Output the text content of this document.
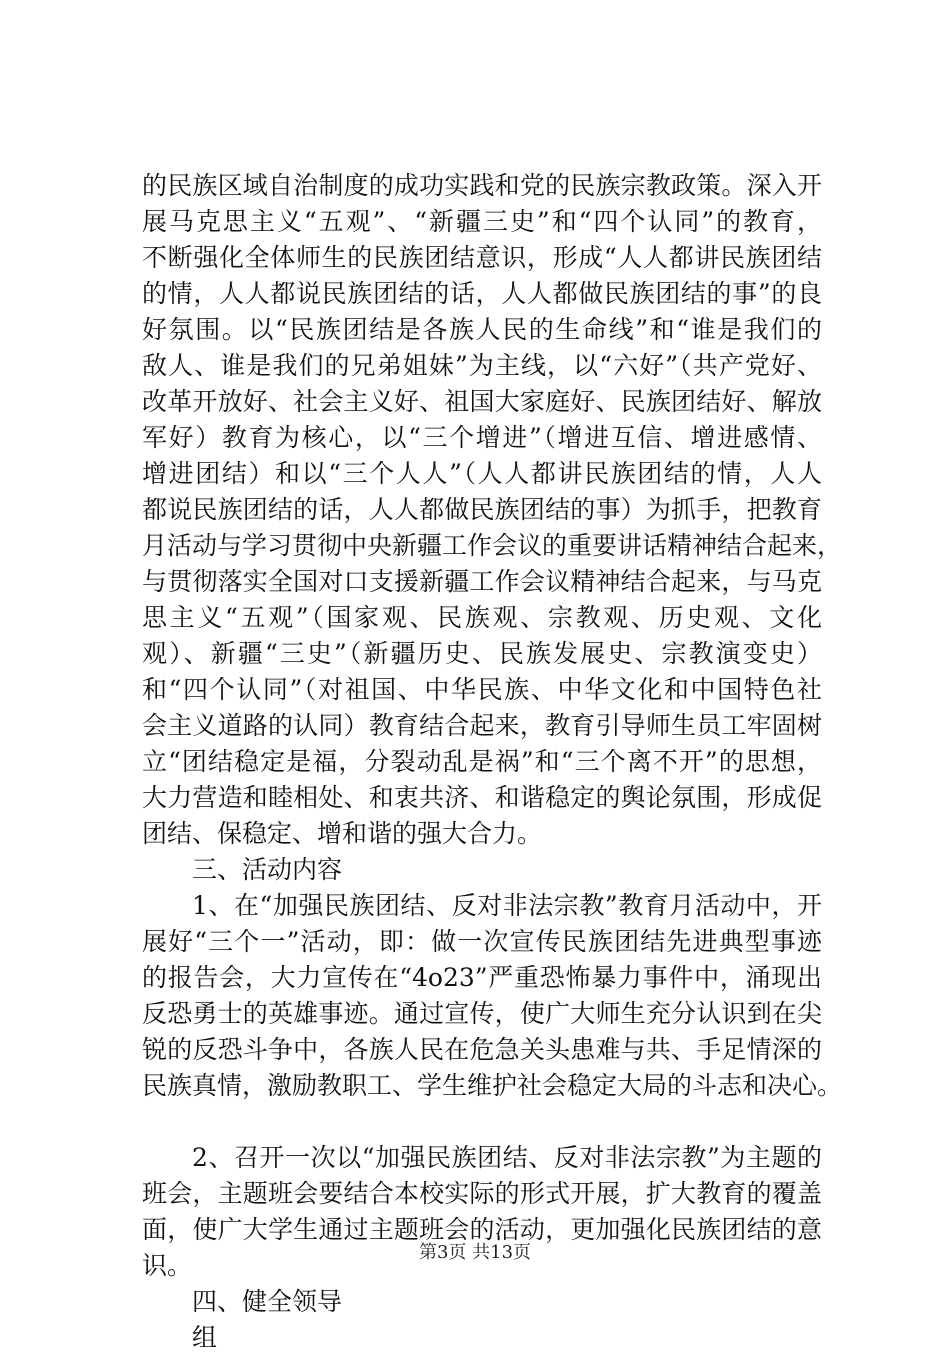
的民族区域自治制度的成功实践和党的民族宗教政策。深入开
展马克思主义“五观”、“新疆三史”和“四个认同”的教育，
不断强化全体师生的民族团结意识，形成“人人都讲民族团结
的情，人人都说民族团结的话，人人都做民族团结的事”的良
好氛围。以“民族团结是各族人民的生命线”和“谁是我们的
敌人、谁是我们的兄弟姐妹”为主线，以“六好”（共产党好、
改革开放好、社会主义好、祖国大家庭好、民族团结好、解放
军好）教育为核心，以“三个增进”（增进互信、增进感情、
增进团结）和以“三个人人”（人人都讲民族团结的情，人人
都说民族团结的话，人人都做民族团结的事）为抓手，把教育
月活动与学习贯彻中央新疆工作会议的重要讲话精神结合起来，
与贯彻落实全国对口支援新疆工作会议精神结合起来，与马克
思主义“五观”（国家观、民族观、宗教观、历史观、文化
观）、新疆“三史”（新疆历史、民族发展史、宗教演变史）
和“四个认同”（对祖国、中华民族、中华文化和中国特色社
会主义道路的认同）教育结合起来，教育引导师生员工牢固树
立“团结稳定是福，分裂动乱是祸”和“三个离不开”的思想，
大力营造和睦相处、和衷共济、和谐稳定的舆论氛围，形成促
团结、保稳定、增和谐的强大合力。
三、活动内容
1、在“加强民族团结、反对非法宗教”教育月活动中，开
展好“三个一”活动，即：做一次宣传民族团结先进典型事迹
的报告会，大力宣传在“4o23”严重恐怖暴力事件中，涌现出
反恐勇士的英雄事迹。通过宣传，使广大师生充分认识到在尖
锐的反恐斗争中，各族人民在危急关头患难与共、手足情深的
民族真情，激励教职工、学生维护社会稳定大局的斗志和决心。
2、召开一次以“加强民族团结、反对非法宗教”为主题的
班会，主题班会要结合本校实际的形式开展，扩大教育的覆盖
面，使广大学生通过主题班会的活动，更加强化民族团结的意
识。
四、健全领导
组
第3页 共13页
